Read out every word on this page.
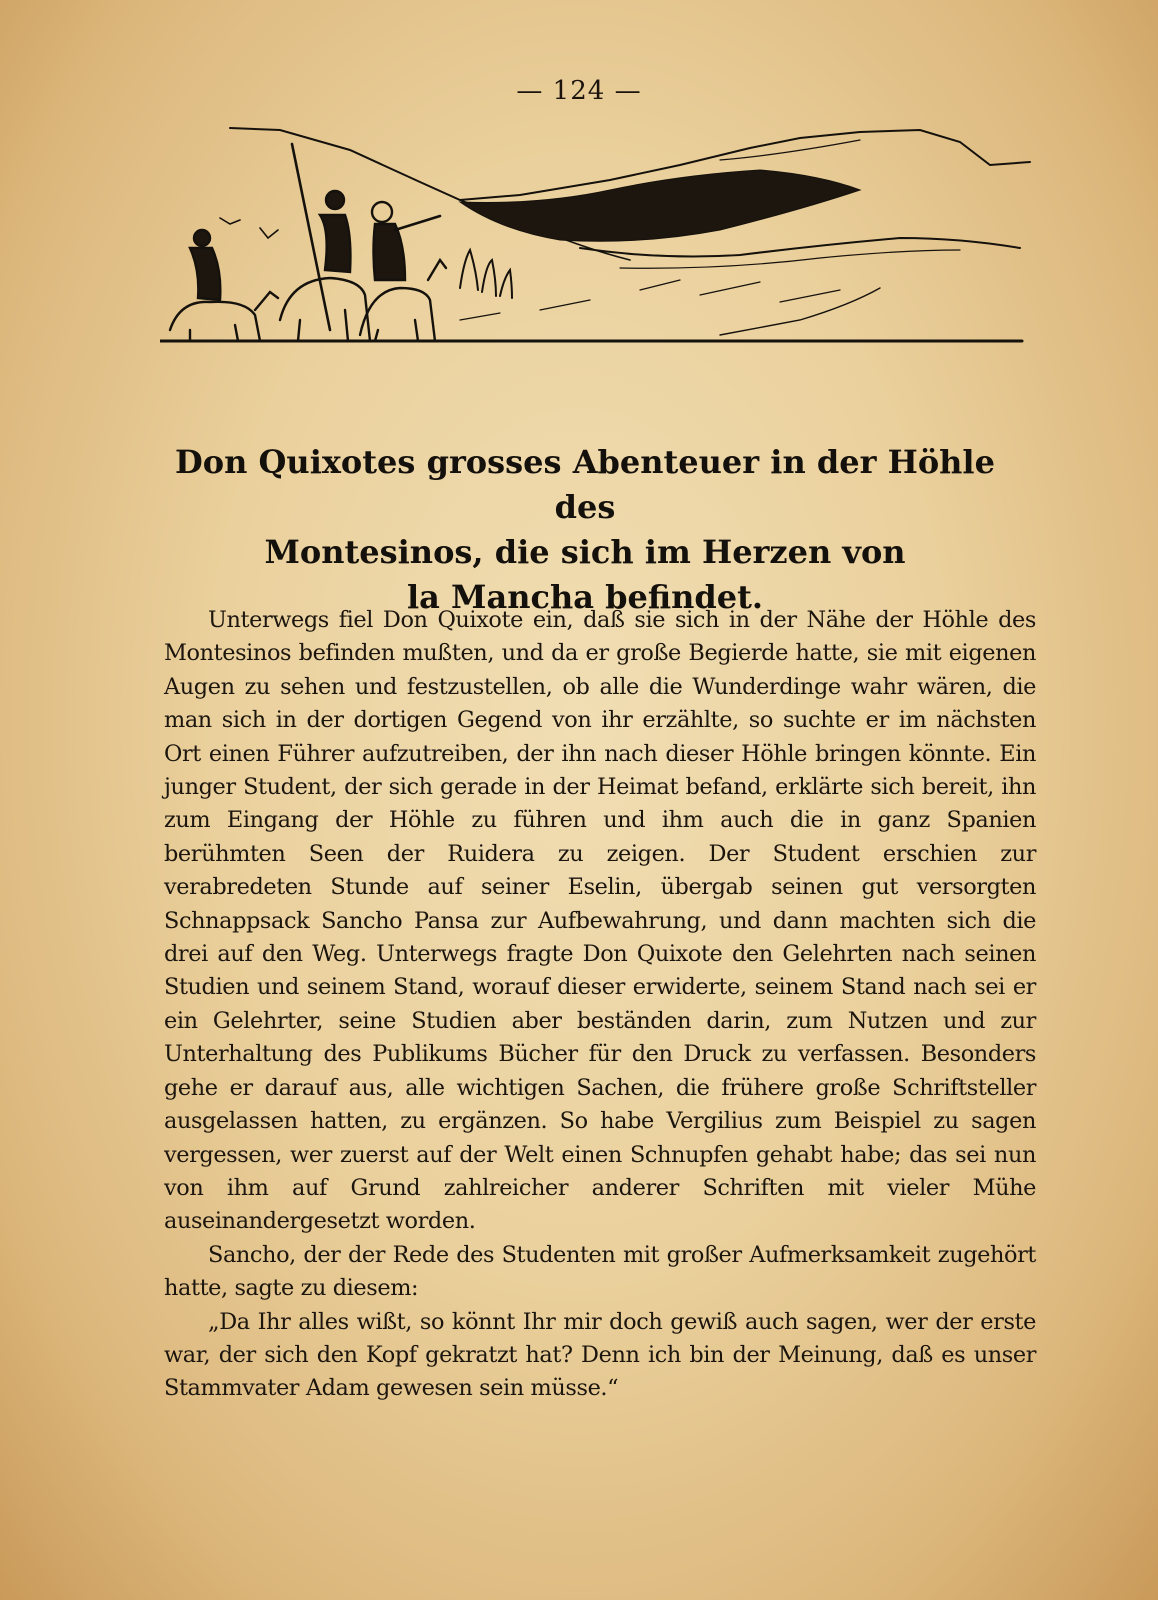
— 124 —
Don Quixotes grosses Abenteuer in der Höhle des
Montesinos, die sich im Herzen von
la Mancha befindet.

Unterwegs fiel Don Quixote ein, daß sie sich in der Nähe der Höhle des Montesinos befinden mußten, und da er große Begierde hatte, sie mit eigenen Augen zu sehen und festzustellen, ob alle die Wunderdinge wahr wären, die man sich in der dortigen Gegend von ihr erzählte, so suchte er im nächsten Ort einen Führer aufzutreiben, der ihn nach dieser Höhle bringen könnte. Ein junger Student, der sich gerade in der Heimat befand, erklärte sich bereit, ihn zum Eingang der Höhle zu führen und ihm auch die in ganz Spanien berühmten Seen der Ruidera zu zeigen. Der Student erschien zur verabredeten Stunde auf seiner Eselin, übergab seinen gut versorgten Schnappsack Sancho Pansa zur Aufbewahrung, und dann machten sich die drei auf den Weg. Unterwegs fragte Don Quixote den Gelehrten nach seinen Studien und seinem Stand, worauf dieser erwiderte, seinem Stand nach sei er ein Gelehrter, seine Studien aber beständen darin, zum Nutzen und zur Unterhaltung des Publikums Bücher für den Druck zu verfassen. Besonders gehe er darauf aus, alle wichtigen Sachen, die frühere große Schriftsteller ausgelassen hatten, zu ergänzen. So habe Vergilius zum Beispiel zu sagen vergessen, wer zuerst auf der Welt einen Schnupfen gehabt habe; das sei nun von ihm auf Grund zahlreicher anderer Schriften mit vieler Mühe auseinandergesetzt worden.

Sancho, der der Rede des Studenten mit großer Aufmerksamkeit zugehört hatte, sagte zu diesem:

„Da Ihr alles wißt, so könnt Ihr mir doch gewiß auch sagen, wer der erste war, der sich den Kopf gekratzt hat? Denn ich bin der Meinung, daß es unser Stammvater Adam gewesen sein müsse.“
